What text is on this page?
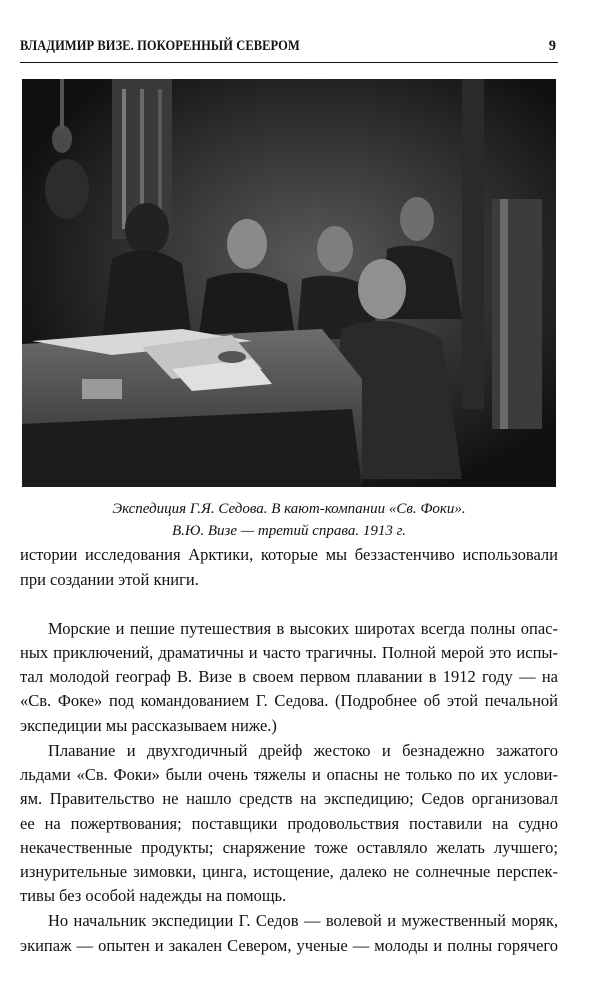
ВЛАДИМИР ВИЗЕ. ПОКОРЕННЫЙ СЕВЕРОМ	9
Экспедиция Г.Я. Седова. В кают-компании «Св. Фоки».
В.Ю. Визе — третий справа. 1913 г.
истории исследования Арктики, которые мы беззастенчиво использовали
при создании этой книги.
Морские и пешие путешествия в высоких широтах всегда полны опас-
ных приключений, драматичны и часто трагичны. Полной мерой это испы-
тал молодой географ В. Визе в своем первом плавании в 1912 году — на
«Св. Фоке» под командованием Г. Седова. (Подробнее об этой печальной
экспедиции мы рассказываем ниже.)
Плавание и двухгодичный дрейф жестоко и безнадежно зажатого
льдами «Св. Фоки» были очень тяжелы и опасны не только по их услови-
ям. Правительство не нашло средств на экспедицию; Седов организовал
ее на пожертвования; поставщики продовольствия поставили на судно
некачественные продукты; снаряжение тоже оставляло желать лучшего;
изнурительные зимовки, цинга, истощение, далеко не солнечные перспек-
тивы без особой надежды на помощь.
Но начальник экспедиции Г. Седов — волевой и мужественный моряк,
экипаж — опытен и закален Севером, ученые — молоды и полны горячего
